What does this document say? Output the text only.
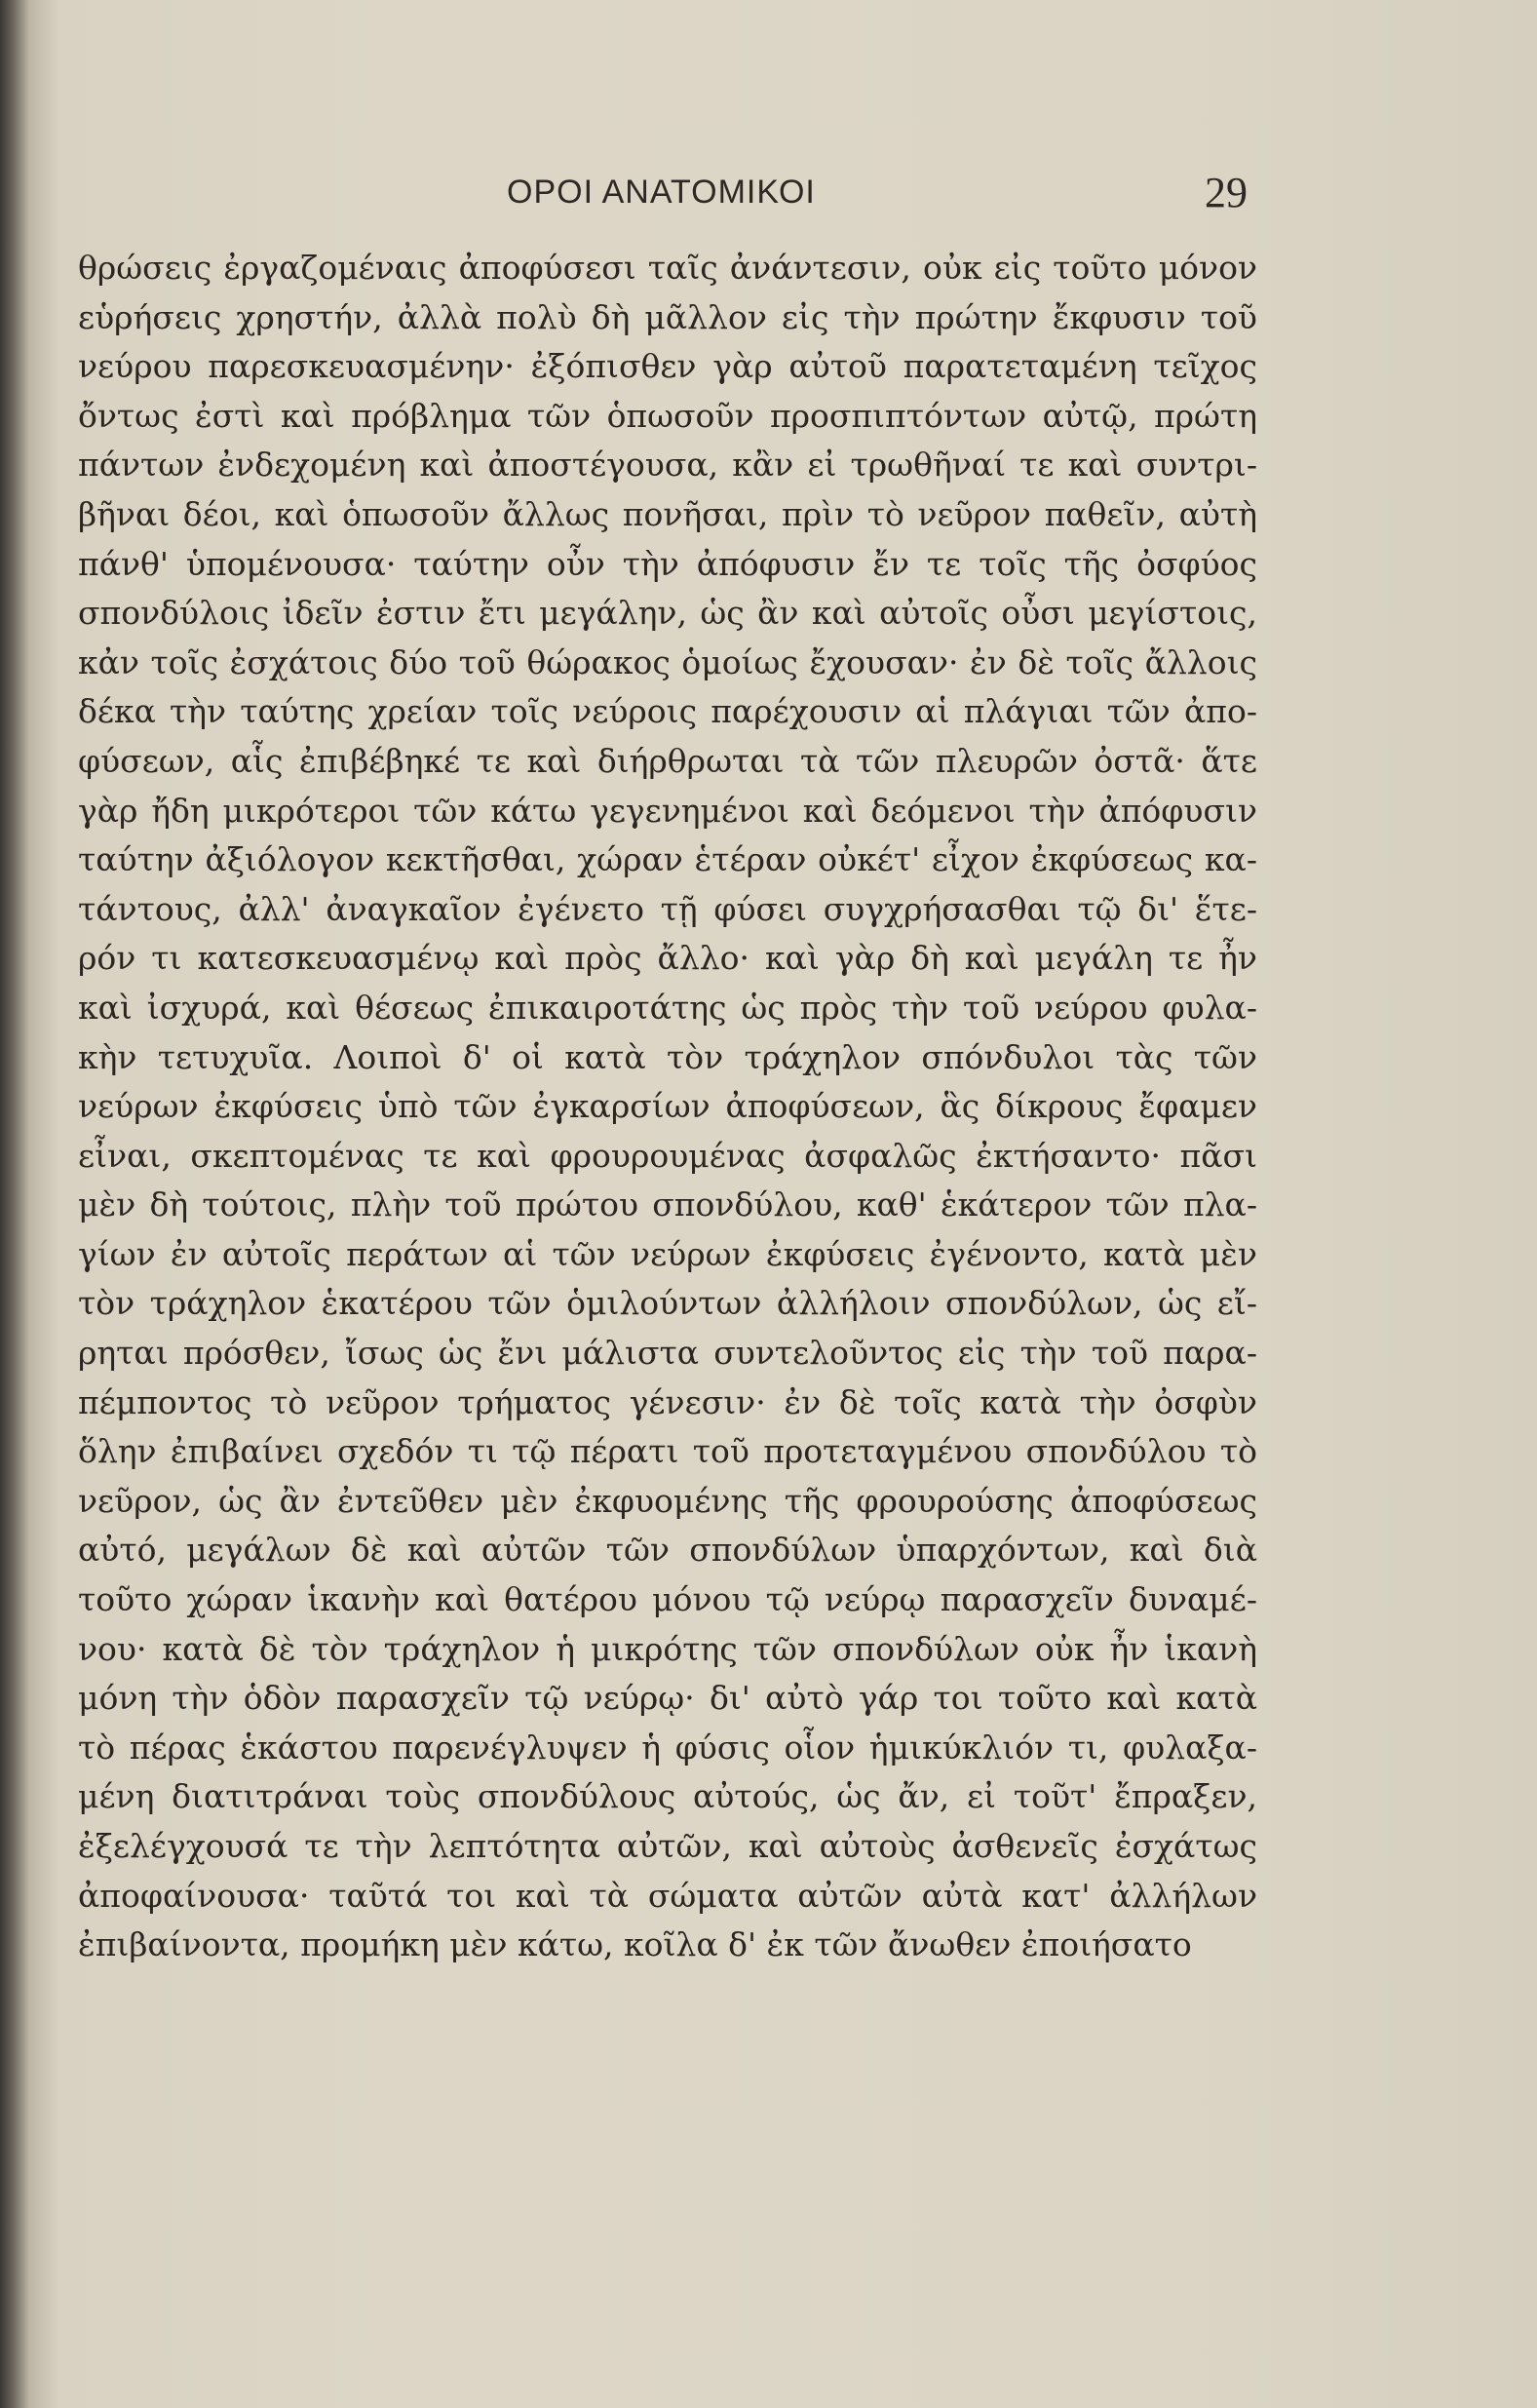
ΟΡΟΙ ΑΝΑΤΟΜΙΚΟΙ	29
θρώσεις ἐργαζομέναις ἀποφύσεσι ταῖς ἀνάντεσιν, οὐκ εἰς τοῦτο μόνον
εὑρήσεις χρηστήν, ἀλλὰ πολὺ δὴ μᾶλλον εἰς τὴν πρώτην ἔκφυσιν τοῦ
νεύρου παρεσκευασμένην· ἐξόπισθεν γὰρ αὐτοῦ παρατεταμένη τεῖχος
ὄντως ἐστὶ καὶ πρόβλημα τῶν ὁπωσοῦν προσπιπτόντων αὐτῷ, πρώτη
πάντων ἐνδεχομένη καὶ ἀποστέγουσα, κἂν εἰ τρωθῆναί τε καὶ συντρι-
βῆναι δέοι, καὶ ὁπωσοῦν ἄλλως πονῆσαι, πρὶν τὸ νεῦρον παθεῖν, αὐτὴ
πάνθ' ὑπομένουσα· ταύτην οὖν τὴν ἀπόφυσιν ἔν τε τοῖς τῆς ὀσφύος
σπονδύλοις ἰδεῖν ἐστιν ἔτι μεγάλην, ὡς ἂν καὶ αὐτοῖς οὖσι μεγίστοις,
κἀν τοῖς ἐσχάτοις δύο τοῦ θώρακος ὁμοίως ἔχουσαν· ἐν δὲ τοῖς ἄλλοις
δέκα τὴν ταύτης χρείαν τοῖς νεύροις παρέχουσιν αἱ πλάγιαι τῶν ἀπο-
φύσεων, αἷς ἐπιβέβηκέ τε καὶ διήρθρωται τὰ τῶν πλευρῶν ὀστᾶ· ἅτε
γὰρ ἤδη μικρότεροι τῶν κάτω γεγενημένοι καὶ δεόμενοι τὴν ἀπόφυσιν
ταύτην ἀξιόλογον κεκτῆσθαι, χώραν ἑτέραν οὐκέτ' εἶχον ἐκφύσεως κα-
τάντους, ἀλλ' ἀναγκαῖον ἐγένετο τῇ φύσει συγχρήσασθαι τῷ δι' ἕτε-
ρόν τι κατεσκευασμένῳ καὶ πρὸς ἄλλο· καὶ γὰρ δὴ καὶ μεγάλη τε ἦν
καὶ ἰσχυρά, καὶ θέσεως ἐπικαιροτάτης ὡς πρὸς τὴν τοῦ νεύρου φυλα-
κὴν τετυχυῖα. Λοιποὶ δ' οἱ κατὰ τὸν τράχηλον σπόνδυλοι τὰς τῶν
νεύρων ἐκφύσεις ὑπὸ τῶν ἐγκαρσίων ἀποφύσεων, ἃς δίκρους ἔφαμεν
εἶναι, σκεπτομένας τε καὶ φρουρουμένας ἀσφαλῶς ἐκτήσαντο· πᾶσι
μὲν δὴ τούτοις, πλὴν τοῦ πρώτου σπονδύλου, καθ' ἑκάτερον τῶν πλα-
γίων ἐν αὐτοῖς περάτων αἱ τῶν νεύρων ἐκφύσεις ἐγένοντο, κατὰ μὲν
τὸν τράχηλον ἑκατέρου τῶν ὁμιλούντων ἀλλήλοιν σπονδύλων, ὡς εἴ-
ρηται πρόσθεν, ἴσως ὡς ἔνι μάλιστα συντελοῦντος εἰς τὴν τοῦ παρα-
πέμποντος τὸ νεῦρον τρήματος γένεσιν· ἐν δὲ τοῖς κατὰ τὴν ὀσφὺν
ὅλην ἐπιβαίνει σχεδόν τι τῷ πέρατι τοῦ προτεταγμένου σπονδύλου τὸ
νεῦρον, ὡς ἂν ἐντεῦθεν μὲν ἐκφυομένης τῆς φρουρούσης ἀποφύσεως
αὐτό, μεγάλων δὲ καὶ αὐτῶν τῶν σπονδύλων ὑπαρχόντων, καὶ διὰ
τοῦτο χώραν ἱκανὴν καὶ θατέρου μόνου τῷ νεύρῳ παρασχεῖν δυναμέ-
νου· κατὰ δὲ τὸν τράχηλον ἡ μικρότης τῶν σπονδύλων οὐκ ἦν ἱκανὴ
μόνη τὴν ὁδὸν παρασχεῖν τῷ νεύρῳ· δι' αὐτὸ γάρ τοι τοῦτο καὶ κατὰ
τὸ πέρας ἑκάστου παρενέγλυψεν ἡ φύσις οἷον ἡμικύκλιόν τι, φυλαξα-
μένη διατιτράναι τοὺς σπονδύλους αὐτούς, ὡς ἄν, εἰ τοῦτ' ἔπραξεν,
ἐξελέγχουσά τε τὴν λεπτότητα αὐτῶν, καὶ αὐτοὺς ἀσθενεῖς ἐσχάτως
ἀποφαίνουσα· ταῦτά τοι καὶ τὰ σώματα αὐτῶν αὐτὰ κατ' ἀλλήλων
ἐπιβαίνοντα, προμήκη μὲν κάτω, κοῖλα δ' ἐκ τῶν ἄνωθεν ἐποιήσατο
